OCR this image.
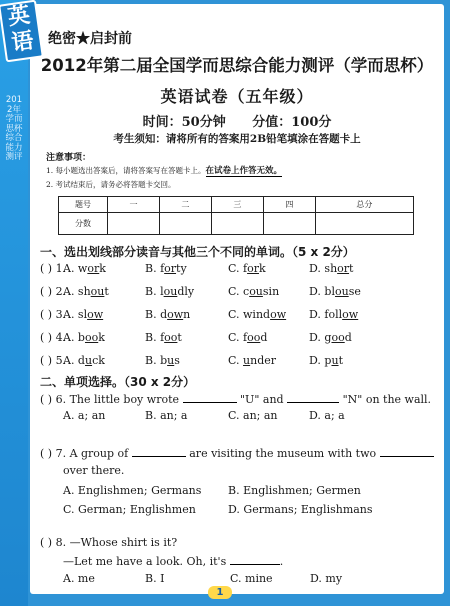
2012年 学而思杯综合能力测评
英
语 绝密★启封前
2012年第二届全国学而思综合能力测评（学而思杯）
英语试卷（五年级）
时间：50分钟 分值：100分
考生须知：请将所有的答案用2B铅笔填涂在答题卡上
注意事项：
1. 每小题选出答案后，请将答案写在答题卡上。在试卷上作答无效。
2. 考试结束后，请务必将答题卡交回。
题号	一	二	三	四	总分
分数					
一、选出划线部分读音与其他三个不同的单词。（5 x 2分）
( ) 1.
A. work	B. forty	C. fork	D. short
( ) 2.
A. shout	B. loudly	C. cousin	D. blouse
( ) 3.
A. slow	B. down	C. window D. follow
( ) 4.
A. book	B. foot	C. food	D. good
( ) 5.
A. duck	B. bus	C. under	D. put
二、单项选择。（30 x 2分）
( ) 6. The little boy wrote	"U" and	"N" on the wall.
A. a; an	B. an; a	C. an; an	D. a; a
( ) 7. A group of	are visiting the museum with two
over there.
A. Englishmen; Germans B. Englishmen; Germen
C. German; Englishmen	D. Germans; Englishmans
( ) 8. —Whose shirt is it?
—Let me have a look. Oh, it's	.
A. me	B. I	C. mine	D. my
1
